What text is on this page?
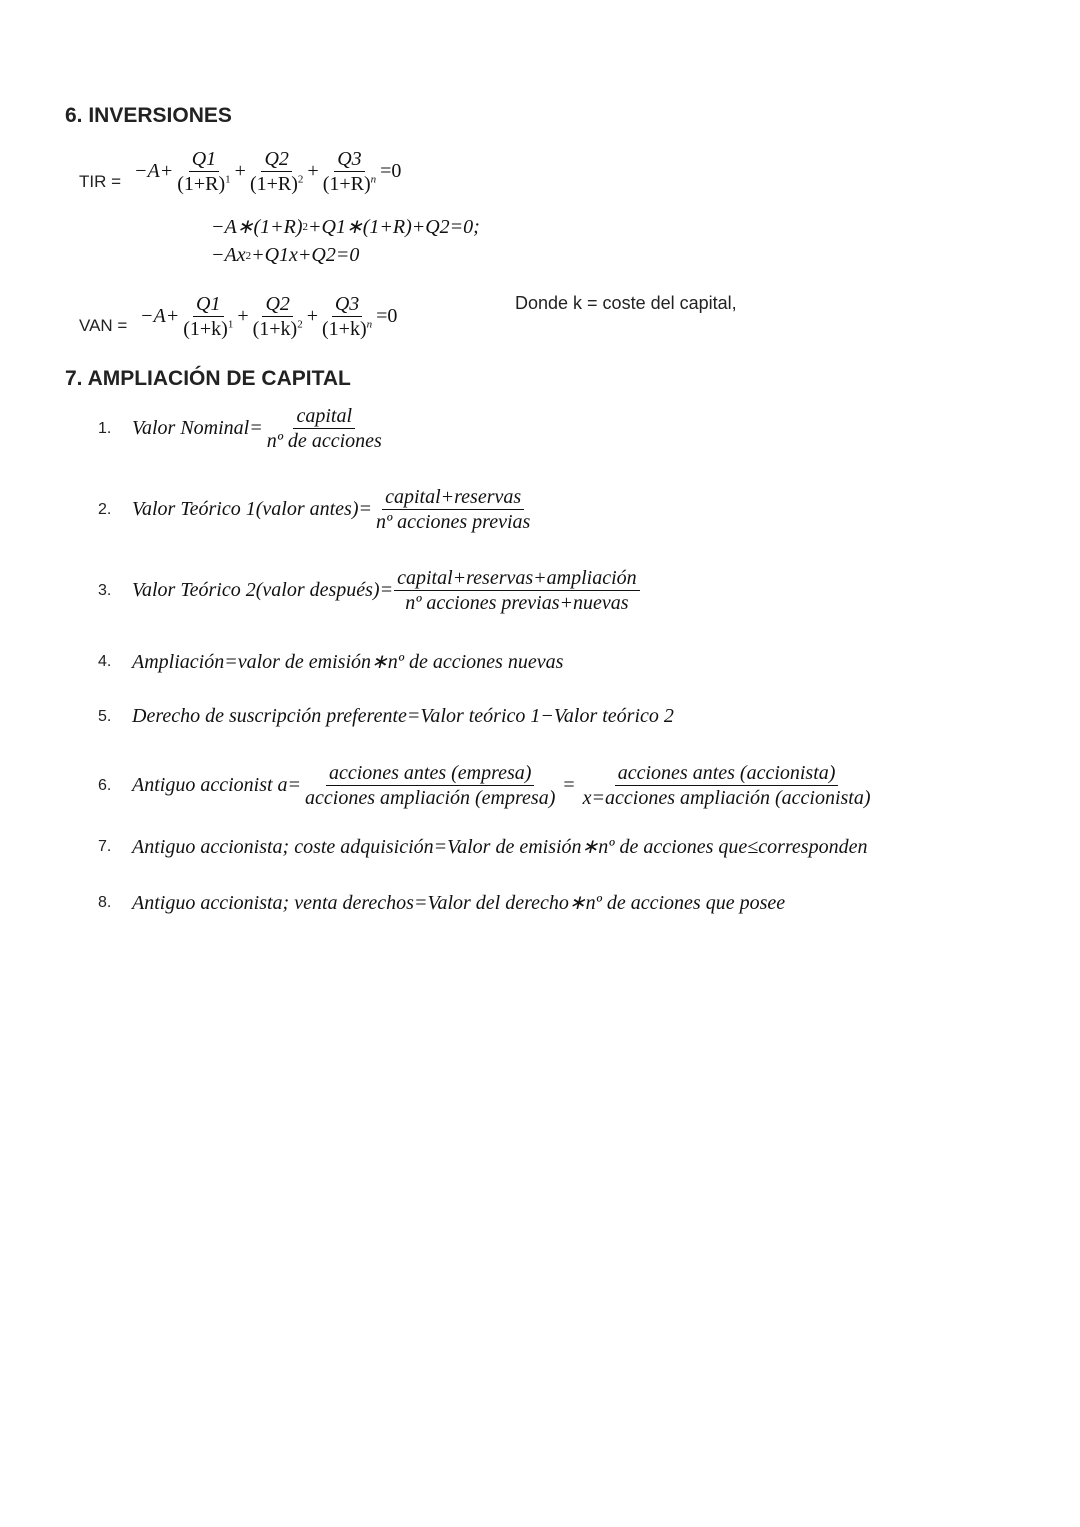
6. INVERSIONES
TIR = $-A+ \frac{Q1}{(1+R)^1} + \frac{Q2}{(1+R)^2} + \frac{Q3}{(1+R)^n} =0$
−A∗(1+R) 2 +Q1∗(1+R)+Q2=0;
−Ax 2 +Q1x+Q2=0
VAN = $-A+ \frac{Q1}{(1+k)^1} + \frac{Q2}{(1+k)^2} + \frac{Q3}{(1+k)^n} =0$
Donde k = coste del capital,
7. AMPLIACIÓN DE CAPITAL
1.	Valor Nominal= $\frac{\text{capital}}{\text{nº de acciones}}$
2.	Valor Teórico 1(valor antes)= $\frac{\text{capital+reservas}}{\text{nº acciones previas}}$
3.	Valor Teórico 2(valor después)= $\frac{\text{capital+reservas+ampliación}}{\text{nº acciones previas+nuevas}}$
4.	Ampliación=valor de emisión∗nº de acciones nuevas
5.	Derecho de suscripción preferente=Valor teórico 1−Valor teórico 2
6.	Antiguo accionist $a= \frac{\text{acciones antes (empresa)}}{\text{acciones ampliación (empresa)}} = \frac{\text{acciones antes (accionista)}}{\text{x=acciones ampliación (accionista)}}$
7.	Antiguo accionista; coste adquisición=Valor de emisión∗nº de acciones que≤corresponden
8.	Antiguo accionista; venta derechos=Valor del derecho∗nº de acciones que posee
